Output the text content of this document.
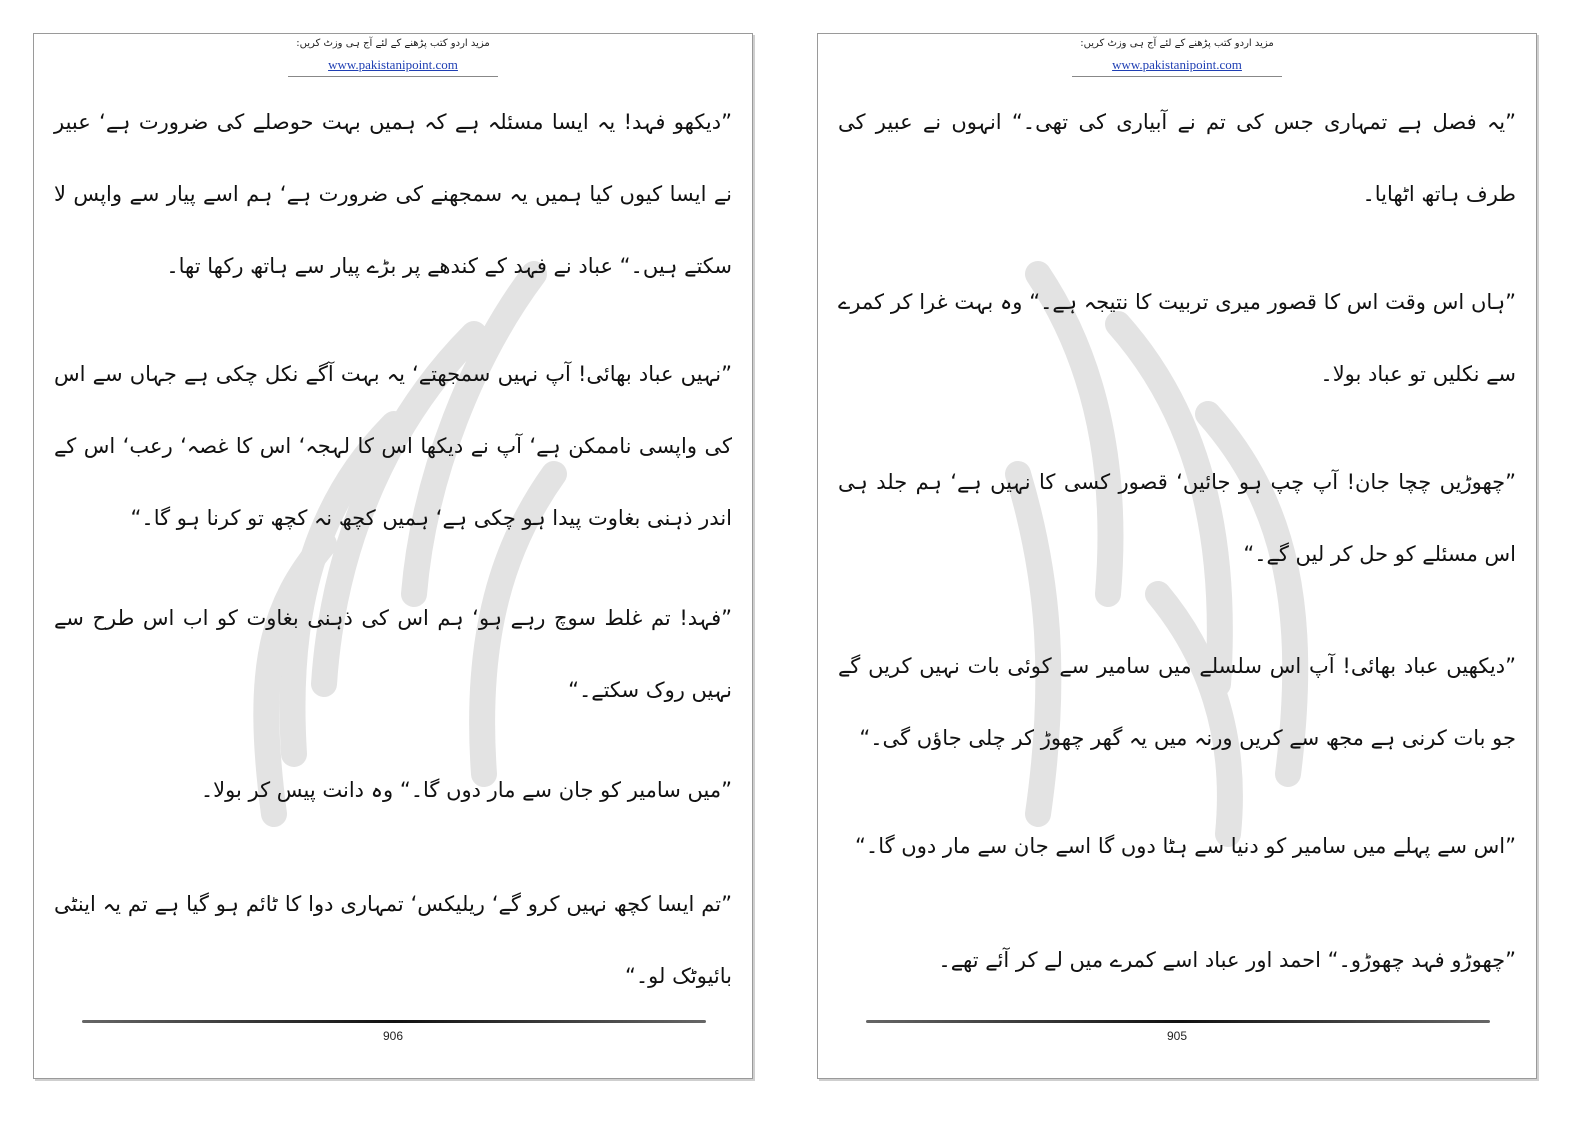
مزید اردو کتب پڑھنے کے لئے آج ہی وزٹ کریں:
www.pakistanipoint.com
”دیکھو فہد! یہ ایسا مسئلہ ہے کہ ہمیں بہت حوصلے کی ضرورت ہے‘ عبیر نے ایسا کیوں کیا ہمیں یہ سمجھنے کی ضرورت ہے‘ ہم اسے پیار سے واپس لا سکتے ہیں۔“ عباد نے فہد کے کندھے پر بڑے پیار سے ہاتھ رکھا تھا۔
”نہیں عباد بھائی! آپ نہیں سمجھتے‘ یہ بہت آگے نکل چکی ہے جہاں سے اس کی واپسی ناممکن ہے‘ آپ نے دیکھا اس کا لہجہ‘ اس کا غصہ‘ رعب‘ اس کے اندر ذہنی بغاوت پیدا ہو چکی ہے‘ ہمیں کچھ نہ کچھ تو کرنا ہو گا۔“
”فہد! تم غلط سوچ رہے ہو‘ ہم اس کی ذہنی بغاوت کو اب اس طرح سے نہیں روک سکتے۔“
”میں سامیر کو جان سے مار دوں گا۔“ وہ دانت پیس کر بولا۔
”تم ایسا کچھ نہیں کرو گے‘ ریلیکس‘ تمہاری دوا کا ٹائم ہو گیا ہے تم یہ اینٹی بائیوٹک لو۔“
906
مزید اردو کتب پڑھنے کے لئے آج ہی وزٹ کریں:
www.pakistanipoint.com
”یہ فصل ہے تمہاری جس کی تم نے آبیاری کی تھی۔“ انہوں نے عبیر کی طرف ہاتھ اٹھایا۔
”ہاں اس وقت اس کا قصور میری تربیت کا نتیجہ ہے۔“ وہ بہت غرا کر کمرے سے نکلیں تو عباد بولا۔
”چھوڑیں چچا جان! آپ چپ ہو جائیں‘ قصور کسی کا نہیں ہے‘ ہم جلد ہی اس مسئلے کو حل کر لیں گے۔“
”دیکھیں عباد بھائی! آپ اس سلسلے میں سامیر سے کوئی بات نہیں کریں گے جو بات کرنی ہے مجھ سے کریں ورنہ میں یہ گھر چھوڑ کر چلی جاؤں گی۔“
”اس سے پہلے میں سامیر کو دنیا سے ہٹا دوں گا اسے جان سے مار دوں گا۔“
”چھوڑو فہد چھوڑو۔“ احمد اور عباد اسے کمرے میں لے کر آئے تھے۔
905
